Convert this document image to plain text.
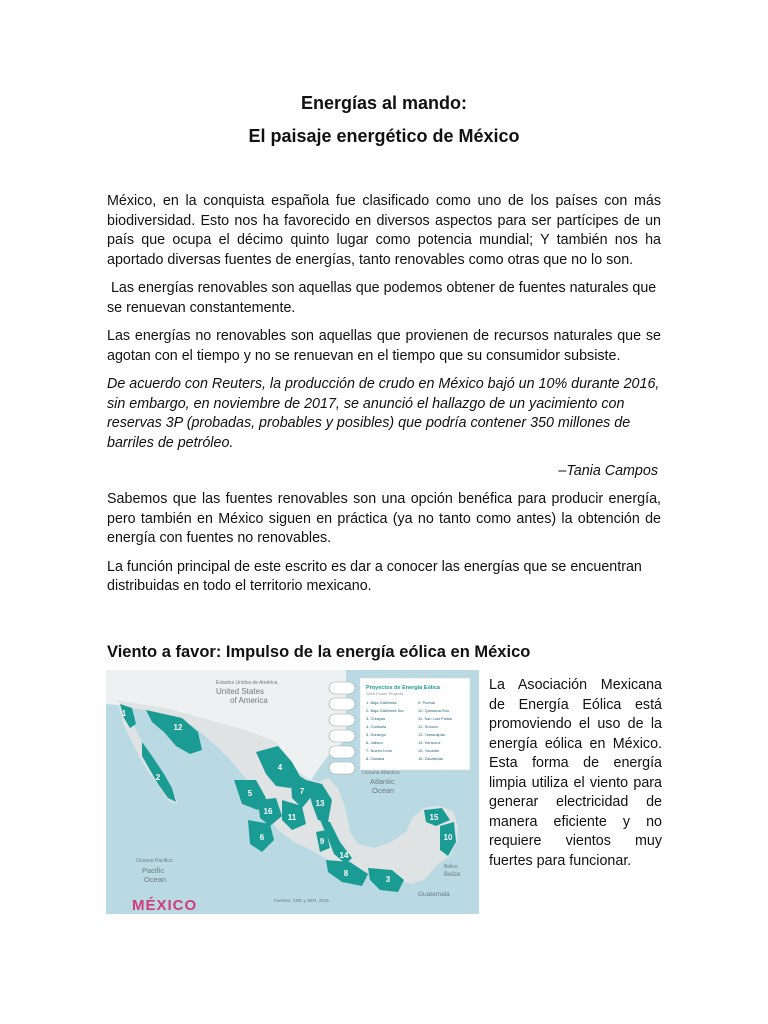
Energías al mando:
El paisaje energético de México

México, en la conquista española fue clasificado como uno de los países con más biodiversidad. Esto nos ha favorecido en diversos aspectos para ser partícipes de un país que ocupa el décimo quinto lugar como potencia mundial; Y también nos ha aportado diversas fuentes de energías, tanto renovables como otras que no lo son.

Las energías renovables son aquellas que podemos obtener de fuentes naturales que se renuevan constantemente.

Las energías no renovables son aquellas que provienen de recursos naturales que se agotan con el tiempo y no se renuevan en el tiempo que su consumidor subsiste.

De acuerdo con Reuters, la producción de crudo en México bajó un 10% durante 2016, sin embargo, en noviembre de 2017, se anunció el hallazgo de un yacimiento con reservas 3P (probadas, probables y posibles) que podría contener 350 millones de barriles de petróleo.

–Tania Campos

Sabemos que las fuentes renovables son una opción benéfica para producir energía, pero también en México siguen en práctica (ya no tanto como antes) la obtención de energía con fuentes no renovables.

La función principal de este escrito es dar a conocer las energías que se encuentran distribuidas en todo el territorio mexicano.

Viento a favor: Impulso de la energía eólica en México
1
12
2
4
7
13
5
11
16
6	9
14
8
3
15
10
Estados Unidos de América
United States
of America
Océano Atlántico
Atlantic
Ocean
Océano Pacífico
Pacific
Ocean
Belice
Belize
Guatemala
Fuentes: CRE y SER, 2015
MÉXICO
Proyectos de Energía Eólica
Wind Power Projects
1. Baja California
2. Baja California Sur
3. Chiapas
4. Coahuila
5. Durango
6. Jalisco
7. Nuevo León
8. Oaxaca
9. Puebla
10. Quintana Roo
11. San Luis Potosí
12. Sonora
13. Tamaulipas
14. Veracruz
15. Yucatán
16. Zacatecas

La Asociación Mexicana de Energía Eólica está promoviendo el uso de la energía eólica en México. Esta forma de energía limpia utiliza el viento para generar electricidad de manera eficiente y no requiere vientos muy fuertes para funcionar.
